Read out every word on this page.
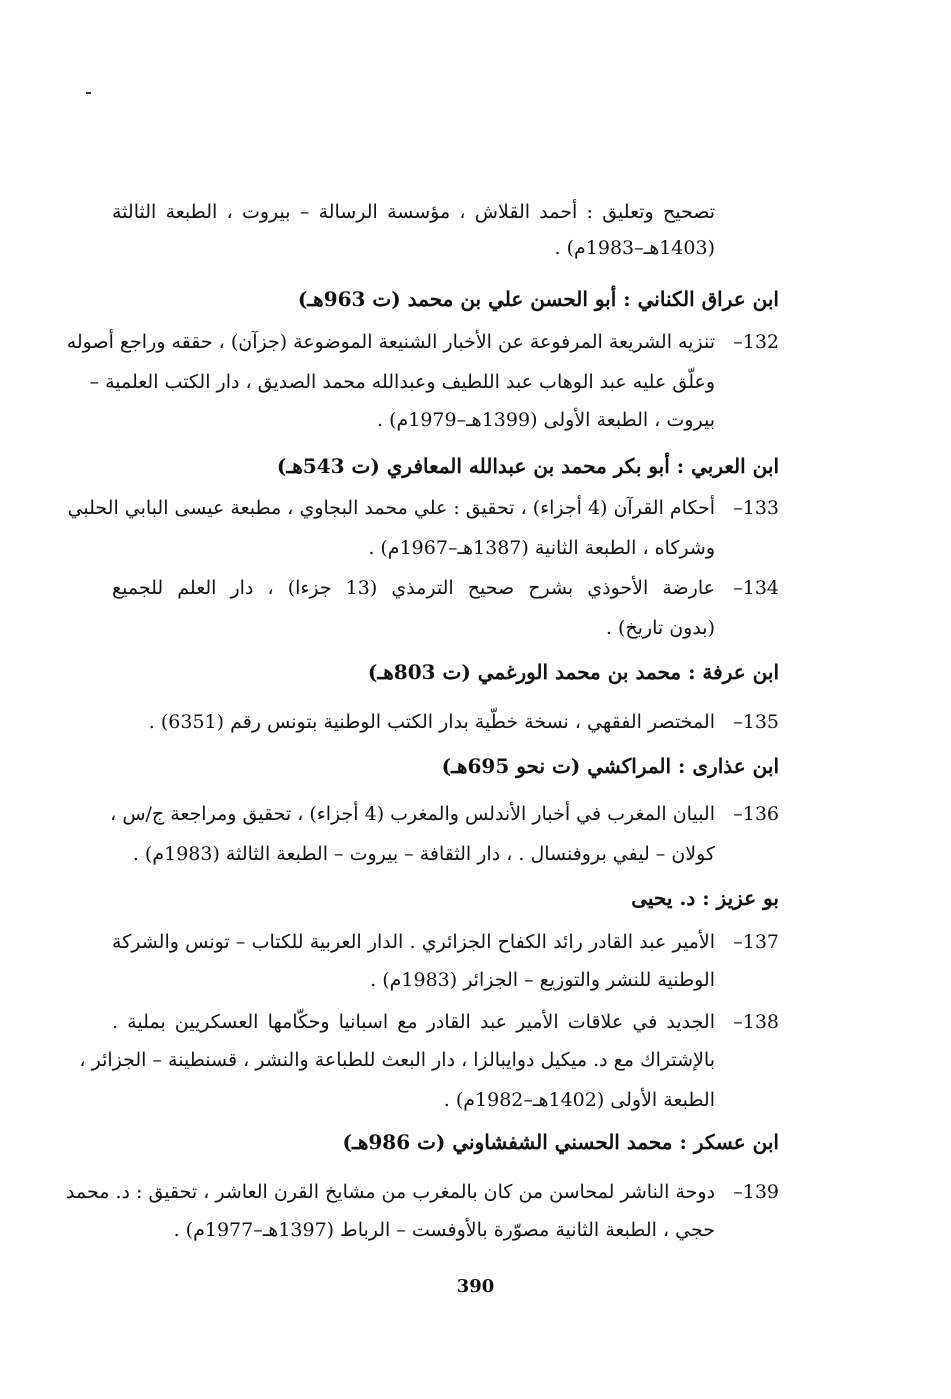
تصحيح وتعليق : أحمد القلاش ، مؤسسة الرسالة – بيروت ، الطبعة الثالثة
(1403هـ–1983م) .
ابن عراق الكناني : أبو الحسن علي بن محمد (ت 963هـ)
132–
تنزيه الشريعة المرفوعة عن الأخبار الشنيعة الموضوعة (جزآن) ، حققه وراجع أصوله
وعلّق عليه عبد الوهاب عبد اللطيف وعبدالله محمد الصديق ، دار الكتب العلمية –
بيروت ، الطبعة الأولى (1399هـ–1979م) .
ابن العربي : أبو بكر محمد بن عبدالله المعافري (ت 543هـ)
133–
أحكام القرآن (4 أجزاء) ، تحقيق : علي محمد البجاوي ، مطبعة عيسى البابي الحلبي
وشركاه ، الطبعة الثانية (1387هـ–1967م) .
134–
عارضة الأحوذي بشرح صحيح الترمذي (13 جزءا) ، دار العلم للجميع
(بدون تاريخ) .
ابن عرفة : محمد بن محمد الورغمي (ت 803هـ)
135–
المختصر الفقهي ، نسخة خطّية بدار الكتب الوطنية بتونس رقم (6351) .
ابن عذارى : المراكشي (ت نحو 695هـ)
136–
البيان المغرب في أخبار الأندلس والمغرب (4 أجزاء) ، تحقيق ومراجعة ج/س ،
كولان – ليفي بروفنسال . ، دار الثقافة – بيروت – الطبعة الثالثة (1983م) .
بو عزيز : د. يحيى
137–
الأمير عبد القادر رائد الكفاح الجزائري . الدار العربية للكتاب – تونس والشركة
الوطنية للنشر والتوزيع – الجزائر (1983م) .
138–
الجديد في علاقات الأمير عبد القادر مع اسبانيا وحكّامها العسكريين بملية .
بالإشتراك مع د. ميكيل دوايبالزا ، دار البعث للطباعة والنشر ، قسنطينة – الجزائر ،
الطبعة الأولى (1402هـ–1982م) .
ابن عسكر : محمد الحسني الشفشاوني (ت 986هـ)
139–
دوحة الناشر لمحاسن من كان بالمغرب من مشايخ القرن العاشر ، تحقيق : د. محمد
حجي ، الطبعة الثانية مصوّرة بالأوفست – الرباط (1397هـ–1977م) .
390
